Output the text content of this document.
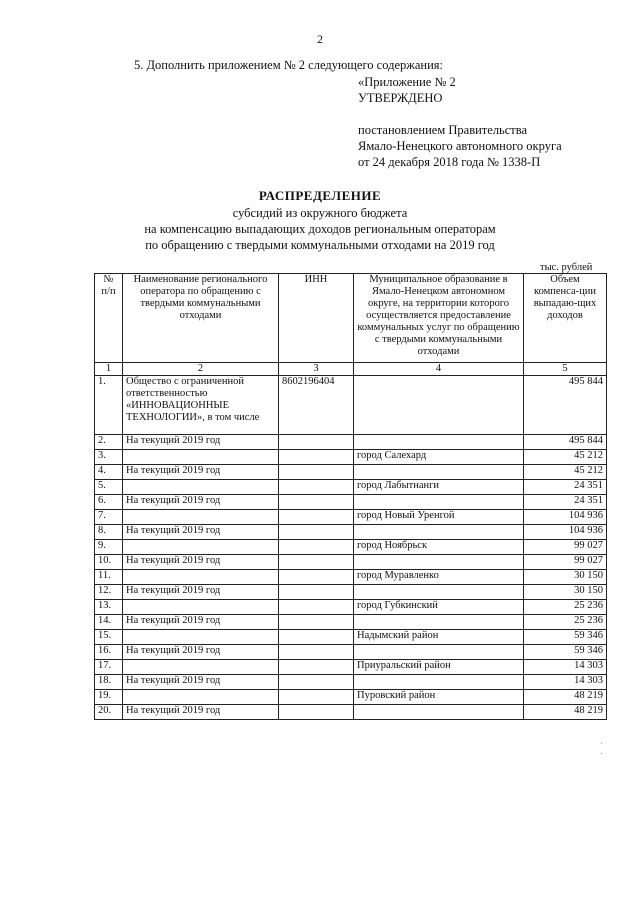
2
5. Дополнить приложением № 2 следующего содержания:
«Приложение № 2
УТВЕРЖДЕНО
постановлением Правительства
Ямало-Ненецкого автономного округа
от 24 декабря 2018 года № 1338-П
РАСПРЕДЕЛЕНИЕ
субсидий из окружного бюджета
на компенсацию выпадающих доходов региональным операторам
по обращению с твердыми коммунальными отходами на 2019 год
тыс. рублей
№ п/п	Наименование регионального оператора по обращению с твердыми коммунальными отходами	ИНН	Муниципальное образование в Ямало-Ненецком автономном округе, на территории которого осуществляется предоставление коммунальных услуг по обращению с твердыми коммунальными отходами	Объем компенса-ции выпадаю-щих доходов
1	2	3	4	5
1.	Общество с ограниченной ответственностью «ИННОВАЦИОННЫЕ ТЕХНОЛОГИИ», в том числе	8602196404		495 844
2.	На текущий 2019 год			495 844
3.			город Салехард	45 212
4.	На текущий 2019 год			45 212
5.			город Лабытнанги	24 351
6.	На текущий 2019 год			24 351
7.			город Новый Уренгой	104 936
8.	На текущий 2019 год			104 936
9.			город Ноябрьск	99 027
10.	На текущий 2019 год			99 027
11.			город Муравленко	30 150
12.	На текущий 2019 год			30 150
13.			город Губкинский	25 236
14.	На текущий 2019 год			25 236
15.			Надымский район	59 346
16.	На текущий 2019 год			59 346
17.			Приуральский район	14 303
18.	На текущий 2019 год			14 303
19.			Пуровский район	48 219
20.	На текущий 2019 год			48 219
·
·
